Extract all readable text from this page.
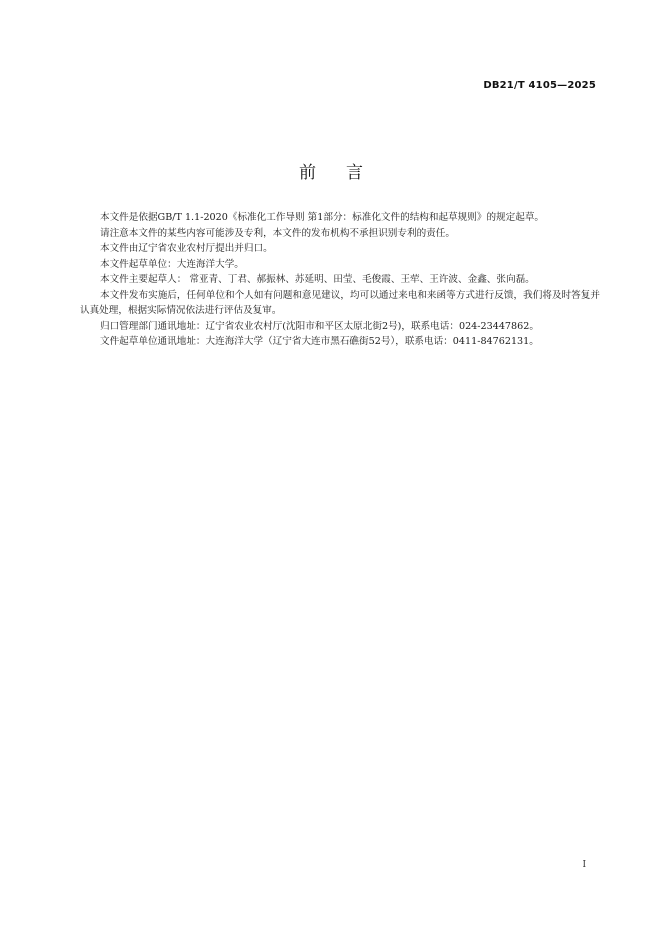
DB21/T 4105—2025
前 言

本文件是依据GB/T 1.1-2020《标准化工作导则 第1部分：标准化文件的结构和起草规则》的规定起草。

请注意本文件的某些内容可能涉及专利，本文件的发布机构不承担识别专利的责任。

本文件由辽宁省农业农村厅提出并归口。

本文件起草单位：大连海洋大学。

本文件主要起草人： 常亚青、丁君、郝振林、苏延明、田莹、毛俊霞、王荦、王许波、金鑫、张向磊。

本文件发布实施后，任何单位和个人如有问题和意见建议，均可以通过来电和来函等方式进行反馈，我们将及时答复并认真处理，根据实际情况依法进行评估及复审。

归口管理部门通讯地址：辽宁省农业农村厅(沈阳市和平区太原北街2号)，联系电话：024-23447862。

文件起草单位通讯地址：大连海洋大学（辽宁省大连市黑石礁街52号），联系电话：0411-84762131。

I
